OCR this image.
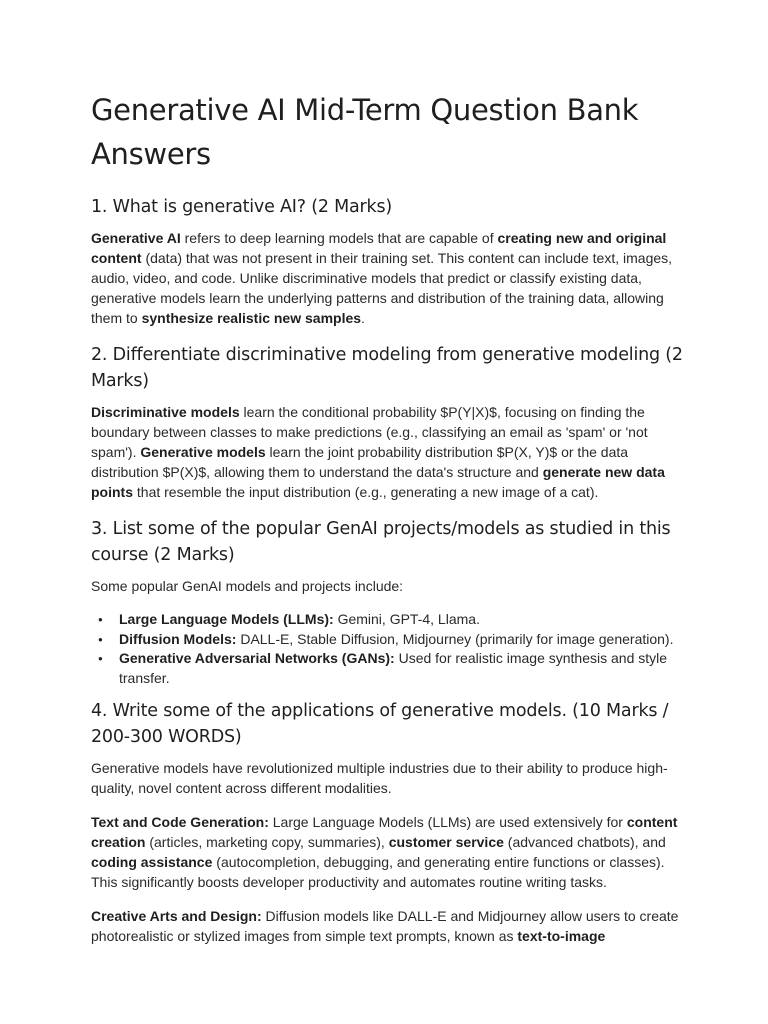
Generative AI Mid-Term Question Bank Answers
1. What is generative AI? (2 Marks)

Generative AI refers to deep learning models that are capable of creating new and original content (data) that was not present in their training set. This content can include text, images, audio, video, and code. Unlike discriminative models that predict or classify existing data, generative models learn the underlying patterns and distribution of the training data, allowing them to synthesize realistic new samples.

2. Differentiate discriminative modeling from generative modeling (2 Marks)

Discriminative models learn the conditional probability $P(Y|X)$, focusing on finding the boundary between classes to make predictions (e.g., classifying an email as 'spam' or 'not spam'). Generative models learn the joint probability distribution $P(X, Y)$ or the data distribution $P(X)$, allowing them to understand the data's structure and generate new data points that resemble the input distribution (e.g., generating a new image of a cat).

3. List some of the popular GenAI projects/models as studied in this course (2 Marks)

Some popular GenAI models and projects include:

● Large Language Models (LLMs): Gemini, GPT-4, Llama.
● Diffusion Models: DALL-E, Stable Diffusion, Midjourney (primarily for image generation).
● Generative Adversarial Networks (GANs): Used for realistic image synthesis and style transfer.
4. Write some of the applications of generative models. (10 Marks / 200-300 WORDS)

Generative models have revolutionized multiple industries due to their ability to produce high-quality, novel content across different modalities.

Text and Code Generation: Large Language Models (LLMs) are used extensively for content creation (articles, marketing copy, summaries), customer service (advanced chatbots), and coding assistance (autocompletion, debugging, and generating entire functions or classes). This significantly boosts developer productivity and automates routine writing tasks.

Creative Arts and Design: Diffusion models like DALL-E and Midjourney allow users to create photorealistic or stylized images from simple text prompts, known as text-to-image
